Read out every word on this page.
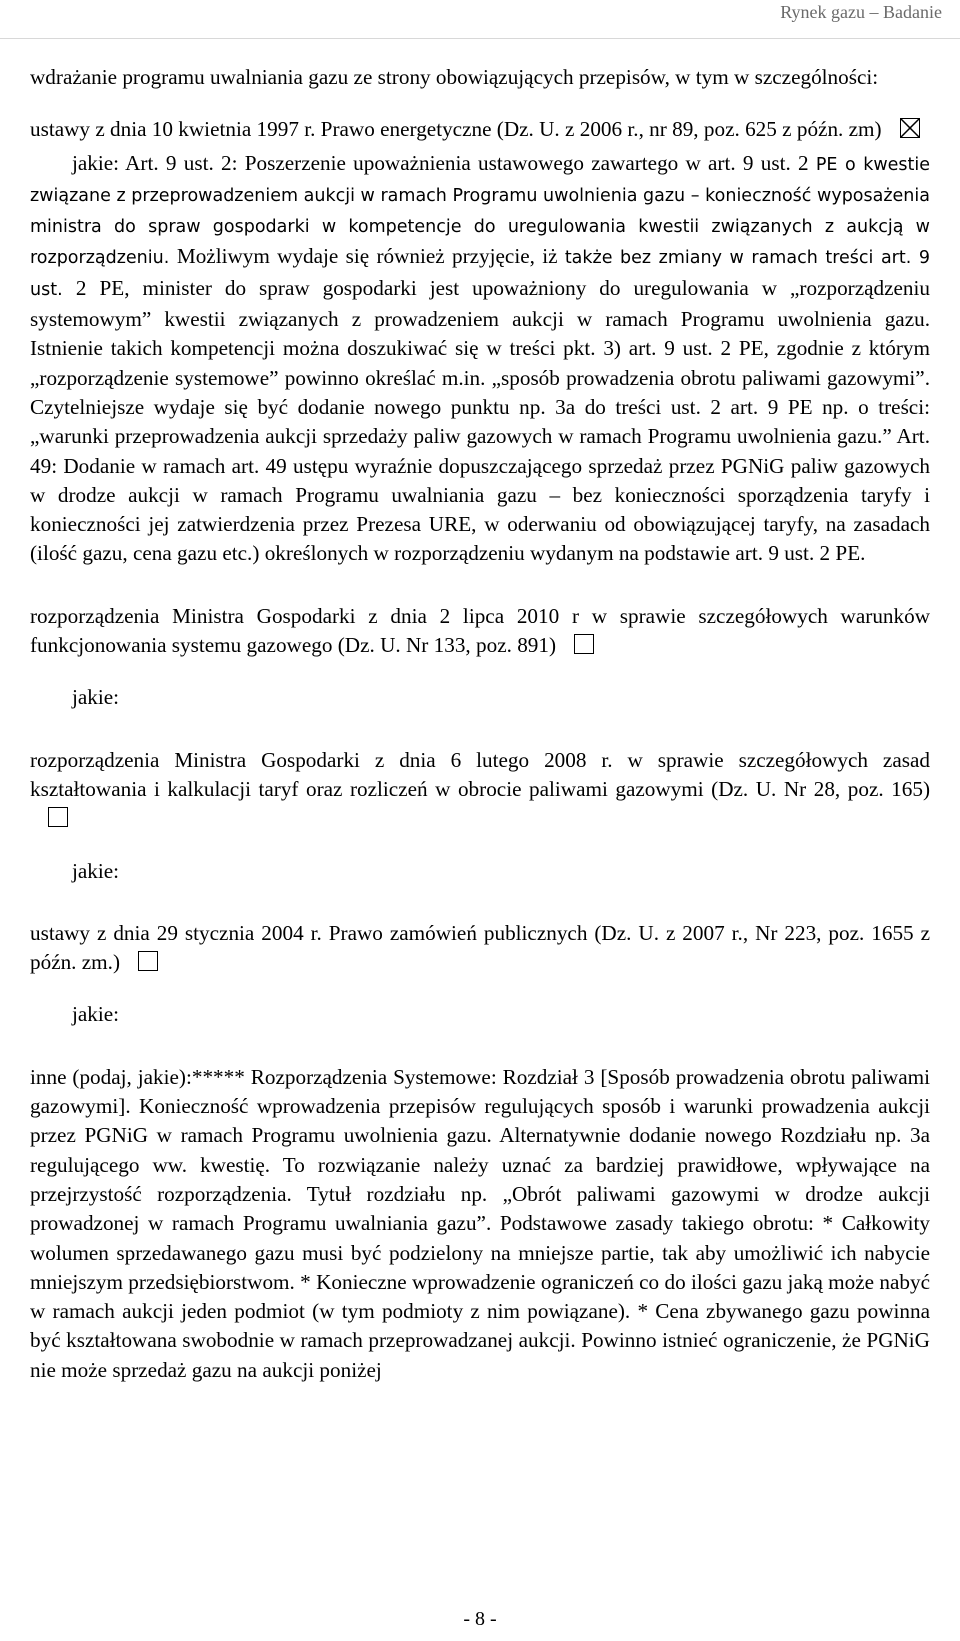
Rynek gazu – Badanie

wdrażanie programu uwalniania gazu ze strony obowiązujących przepisów, w tym w szczególności:

ustawy z dnia 10 kwietnia 1997 r. Prawo energetyczne (Dz. U. z 2006 r., nr 89, poz. 625 z późn. zm)

jakie: Art. 9 ust. 2: Poszerzenie upoważnienia ustawowego zawartego w art. 9 ust. 2 PE o kwestie związane z przeprowadzeniem aukcji w ramach Programu uwolnienia gazu – konieczność wyposażenia ministra do spraw gospodarki w kompetencje do uregulowania kwestii związanych z aukcją w rozporządzeniu. Możliwym wydaje się również przyjęcie, iż także bez zmiany w ramach treści art. 9 ust. 2 PE, minister do spraw gospodarki jest upoważniony do uregulowania w „rozporządzeniu systemowym” kwestii związanych z prowadzeniem aukcji w ramach Programu uwolnienia gazu. Istnienie takich kompetencji można doszukiwać się w treści pkt. 3) art. 9 ust. 2 PE, zgodnie z którym „rozporządzenie systemowe” powinno określać m.in. „sposób prowadzenia obrotu paliwami gazowymi”. Czytelniejsze wydaje się być dodanie nowego punktu np. 3a do treści ust. 2 art. 9 PE np. o treści: „warunki przeprowadzenia aukcji sprzedaży paliw gazowych w ramach Programu uwolnienia gazu.” Art. 49: Dodanie w ramach art. 49 ustępu wyraźnie dopuszczającego sprzedaż przez PGNiG paliw gazowych w drodze aukcji w ramach Programu uwalniania gazu – bez konieczności sporządzenia taryfy i konieczności jej zatwierdzenia przez Prezesa URE, w oderwaniu od obowiązującej taryfy, na zasadach (ilość gazu, cena gazu etc.) określonych w rozporządzeniu wydanym na podstawie art. 9 ust. 2 PE.

rozporządzenia Ministra Gospodarki z dnia 2 lipca 2010 r w sprawie szczegółowych warunków funkcjonowania systemu gazowego (Dz. U. Nr 133, poz. 891)

jakie:

rozporządzenia Ministra Gospodarki z dnia 6 lutego 2008 r. w sprawie szczegółowych zasad kształtowania i kalkulacji taryf oraz rozliczeń w obrocie paliwami gazowymi (Dz. U. Nr 28, poz. 165)

jakie:

ustawy z dnia 29 stycznia 2004 r. Prawo zamówień publicznych (Dz. U. z 2007 r., Nr 223, poz. 1655 z późn. zm.)

jakie:

inne (podaj, jakie):***** Rozporządzenia Systemowe: Rozdział 3 [Sposób prowadzenia obrotu paliwami gazowymi]. Konieczność wprowadzenia przepisów regulujących sposób i warunki prowadzenia aukcji przez PGNiG w ramach Programu uwolnienia gazu. Alternatywnie dodanie nowego Rozdziału np. 3a regulującego ww. kwestię. To rozwiązanie należy uznać za bardziej prawidłowe, wpływające na przejrzystość rozporządzenia. Tytuł rozdziału np. „Obrót paliwami gazowymi w drodze aukcji prowadzonej w ramach Programu uwalniania gazu”. Podstawowe zasady takiego obrotu: * Całkowity wolumen sprzedawanego gazu musi być podzielony na mniejsze partie, tak aby umożliwić ich nabycie mniejszym przedsiębiorstwom. * Konieczne wprowadzenie ograniczeń co do ilości gazu jaką może nabyć w ramach aukcji jeden podmiot (w tym podmioty z nim powiązane). * Cena zbywanego gazu powinna być kształtowana swobodnie w ramach przeprowadzanej aukcji. Powinno istnieć ograniczenie, że PGNiG nie może sprzedaż gazu na aukcji poniżej

- 8 -
